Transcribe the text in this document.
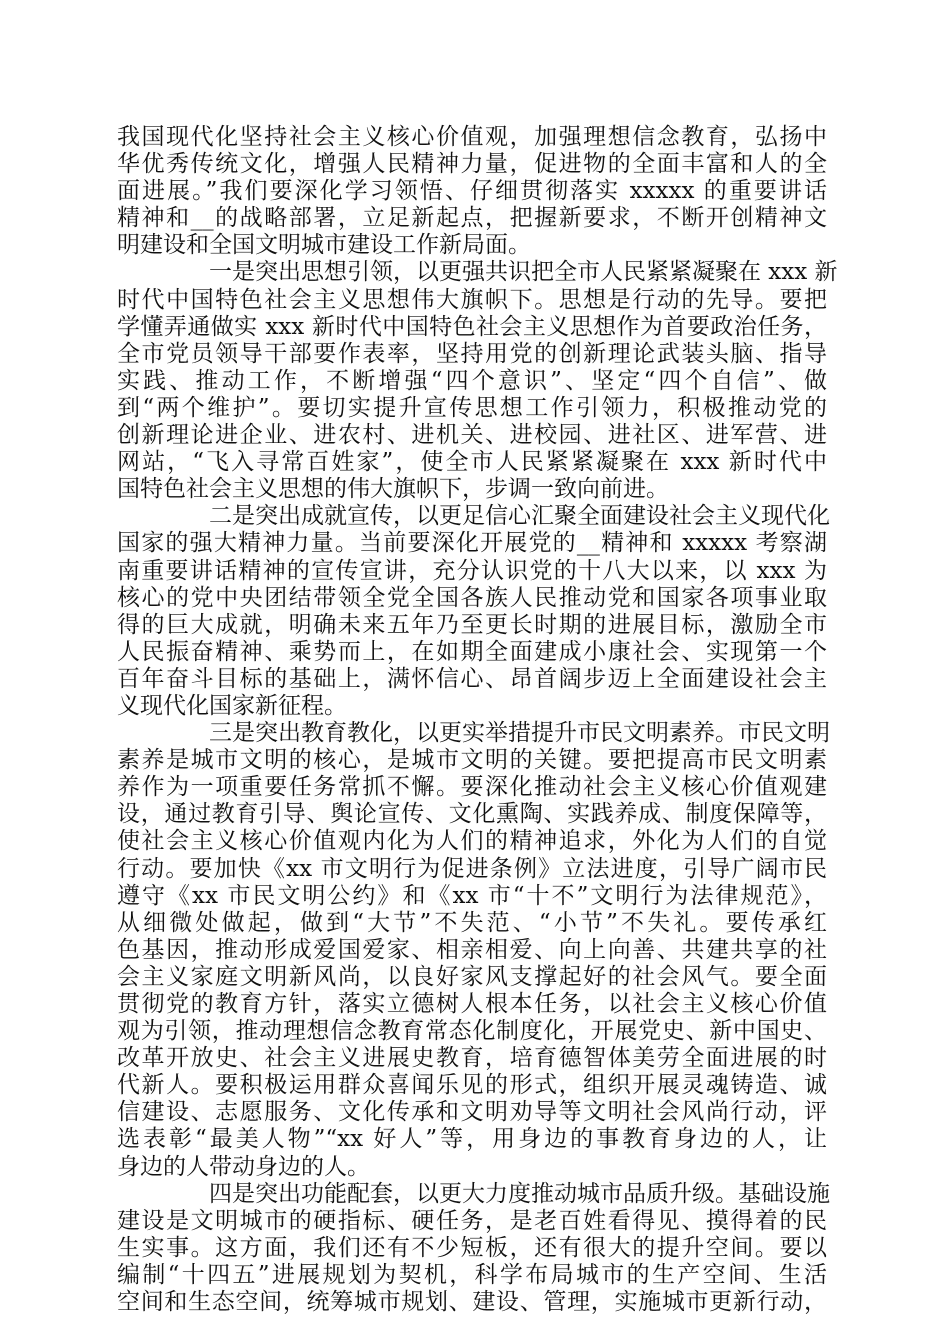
我国现代化坚持社会主义核心价值观，加强理想信念教育，弘扬中
华优秀传统文化，增强人民精神力量，促进物的全面丰富和人的全
面进展。”我们要深化学习领悟、仔细贯彻落实 xxxxx 的重要讲话
精神和__的战略部署，立足新起点，把握新要求，不断开创精神文
明建设和全国文明城市建设工作新局面。
一是突出思想引领，以更强共识把全市人民紧紧凝聚在 xxx 新
时代中国特色社会主义思想伟大旗帜下。思想是行动的先导。要把
学懂弄通做实 xxx 新时代中国特色社会主义思想作为首要政治任务，
全市党员领导干部要作表率，坚持用党的创新理论武装头脑、指导
实践、推动工作，不断增强“四个意识”、坚定“四个自信”、做
到“两个维护”。要切实提升宣传思想工作引领力，积极推动党的
创新理论进企业、进农村、进机关、进校园、进社区、进军营、进
网站，“飞入寻常百姓家”，使全市人民紧紧凝聚在 xxx 新时代中
国特色社会主义思想的伟大旗帜下，步调一致向前进。
二是突出成就宣传，以更足信心汇聚全面建设社会主义现代化
国家的强大精神力量。当前要深化开展党的__精神和 xxxxx 考察湖
南重要讲话精神的宣传宣讲，充分认识党的十八大以来，以 xxx 为
核心的党中央团结带领全党全国各族人民推动党和国家各项事业取
得的巨大成就，明确未来五年乃至更长时期的进展目标，激励全市
人民振奋精神、乘势而上，在如期全面建成小康社会、实现第一个
百年奋斗目标的基础上，满怀信心、昂首阔步迈上全面建设社会主
义现代化国家新征程。
三是突出教育教化，以更实举措提升市民文明素养。市民文明
素养是城市文明的核心，是城市文明的关键。要把提高市民文明素
养作为一项重要任务常抓不懈。要深化推动社会主义核心价值观建
设，通过教育引导、舆论宣传、文化熏陶、实践养成、制度保障等，
使社会主义核心价值观内化为人们的精神追求，外化为人们的自觉
行动。要加快《xx 市文明行为促进条例》立法进度，引导广阔市民
遵守《xx 市民文明公约》和《xx 市“十不”文明行为法律规范》，
从细微处做起，做到“大节”不失范、“小节”不失礼。要传承红
色基因，推动形成爱国爱家、相亲相爱、向上向善、共建共享的社
会主义家庭文明新风尚，以良好家风支撑起好的社会风气。要全面
贯彻党的教育方针，落实立德树人根本任务，以社会主义核心价值
观为引领，推动理想信念教育常态化制度化，开展党史、新中国史、
改革开放史、社会主义进展史教育，培育德智体美劳全面进展的时
代新人。要积极运用群众喜闻乐见的形式，组织开展灵魂铸造、诚
信建设、志愿服务、文化传承和文明劝导等文明社会风尚行动，评
选表彰“最美人物”“xx 好人”等，用身边的事教育身边的人，让
身边的人带动身边的人。
四是突出功能配套，以更大力度推动城市品质升级。基础设施
建设是文明城市的硬指标、硬任务，是老百姓看得见、摸得着的民
生实事。这方面，我们还有不少短板，还有很大的提升空间。要以
编制“十四五”进展规划为契机，科学布局城市的生产空间、生活
空间和生态空间，统筹城市规划、建设、管理，实施城市更新行动，
